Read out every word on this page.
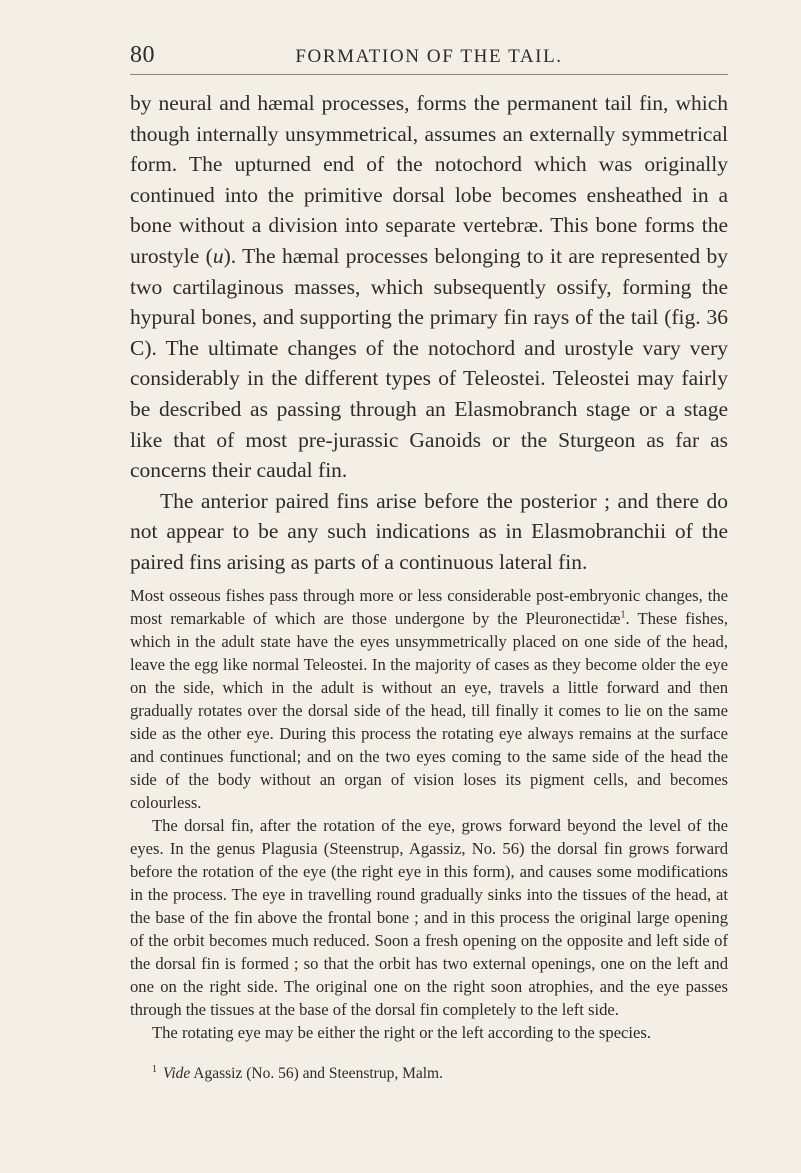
80	FORMATION OF THE TAIL.

by neural and hæmal processes, forms the permanent tail fin, which though internally unsymmetrical, assumes an externally symmetrical form. The upturned end of the notochord which was originally continued into the primitive dorsal lobe becomes ensheathed in a bone without a division into separate vertebræ. This bone forms the urostyle (u). The hæmal processes belonging to it are represented by two cartilaginous masses, which subsequently ossify, forming the hypural bones, and supporting the primary fin rays of the tail (fig. 36 C). The ultimate changes of the notochord and urostyle vary very considerably in the different types of Teleostei. Teleostei may fairly be described as passing through an Elasmobranch stage or a stage like that of most pre-jurassic Ganoids or the Sturgeon as far as concerns their caudal fin.

The anterior paired fins arise before the posterior ; and there do not appear to be any such indications as in Elasmobranchii of the paired fins arising as parts of a continuous lateral fin.

Most osseous fishes pass through more or less considerable post-embryonic changes, the most remarkable of which are those undergone by the Pleuronectidæ$^1$. These fishes, which in the adult state have the eyes unsymmetrically placed on one side of the head, leave the egg like normal Teleostei. In the majority of cases as they become older the eye on the side, which in the adult is without an eye, travels a little forward and then gradually rotates over the dorsal side of the head, till finally it comes to lie on the same side as the other eye. During this process the rotating eye always remains at the surface and continues functional; and on the two eyes coming to the same side of the head the side of the body without an organ of vision loses its pigment cells, and becomes colourless.

The dorsal fin, after the rotation of the eye, grows forward beyond the level of the eyes. In the genus Plagusia (Steenstrup, Agassiz, No. 56) the dorsal fin grows forward before the rotation of the eye (the right eye in this form), and causes some modifications in the process. The eye in travelling round gradually sinks into the tissues of the head, at the base of the fin above the frontal bone ; and in this process the original large opening of the orbit becomes much reduced. Soon a fresh opening on the opposite and left side of the dorsal fin is formed ; so that the orbit has two external openings, one on the left and one on the right side. The original one on the right soon atrophies, and the eye passes through the tissues at the base of the dorsal fin completely to the left side.

The rotating eye may be either the right or the left according to the species.

$^1$ Vide Agassiz (No. 56) and Steenstrup, Malm.
